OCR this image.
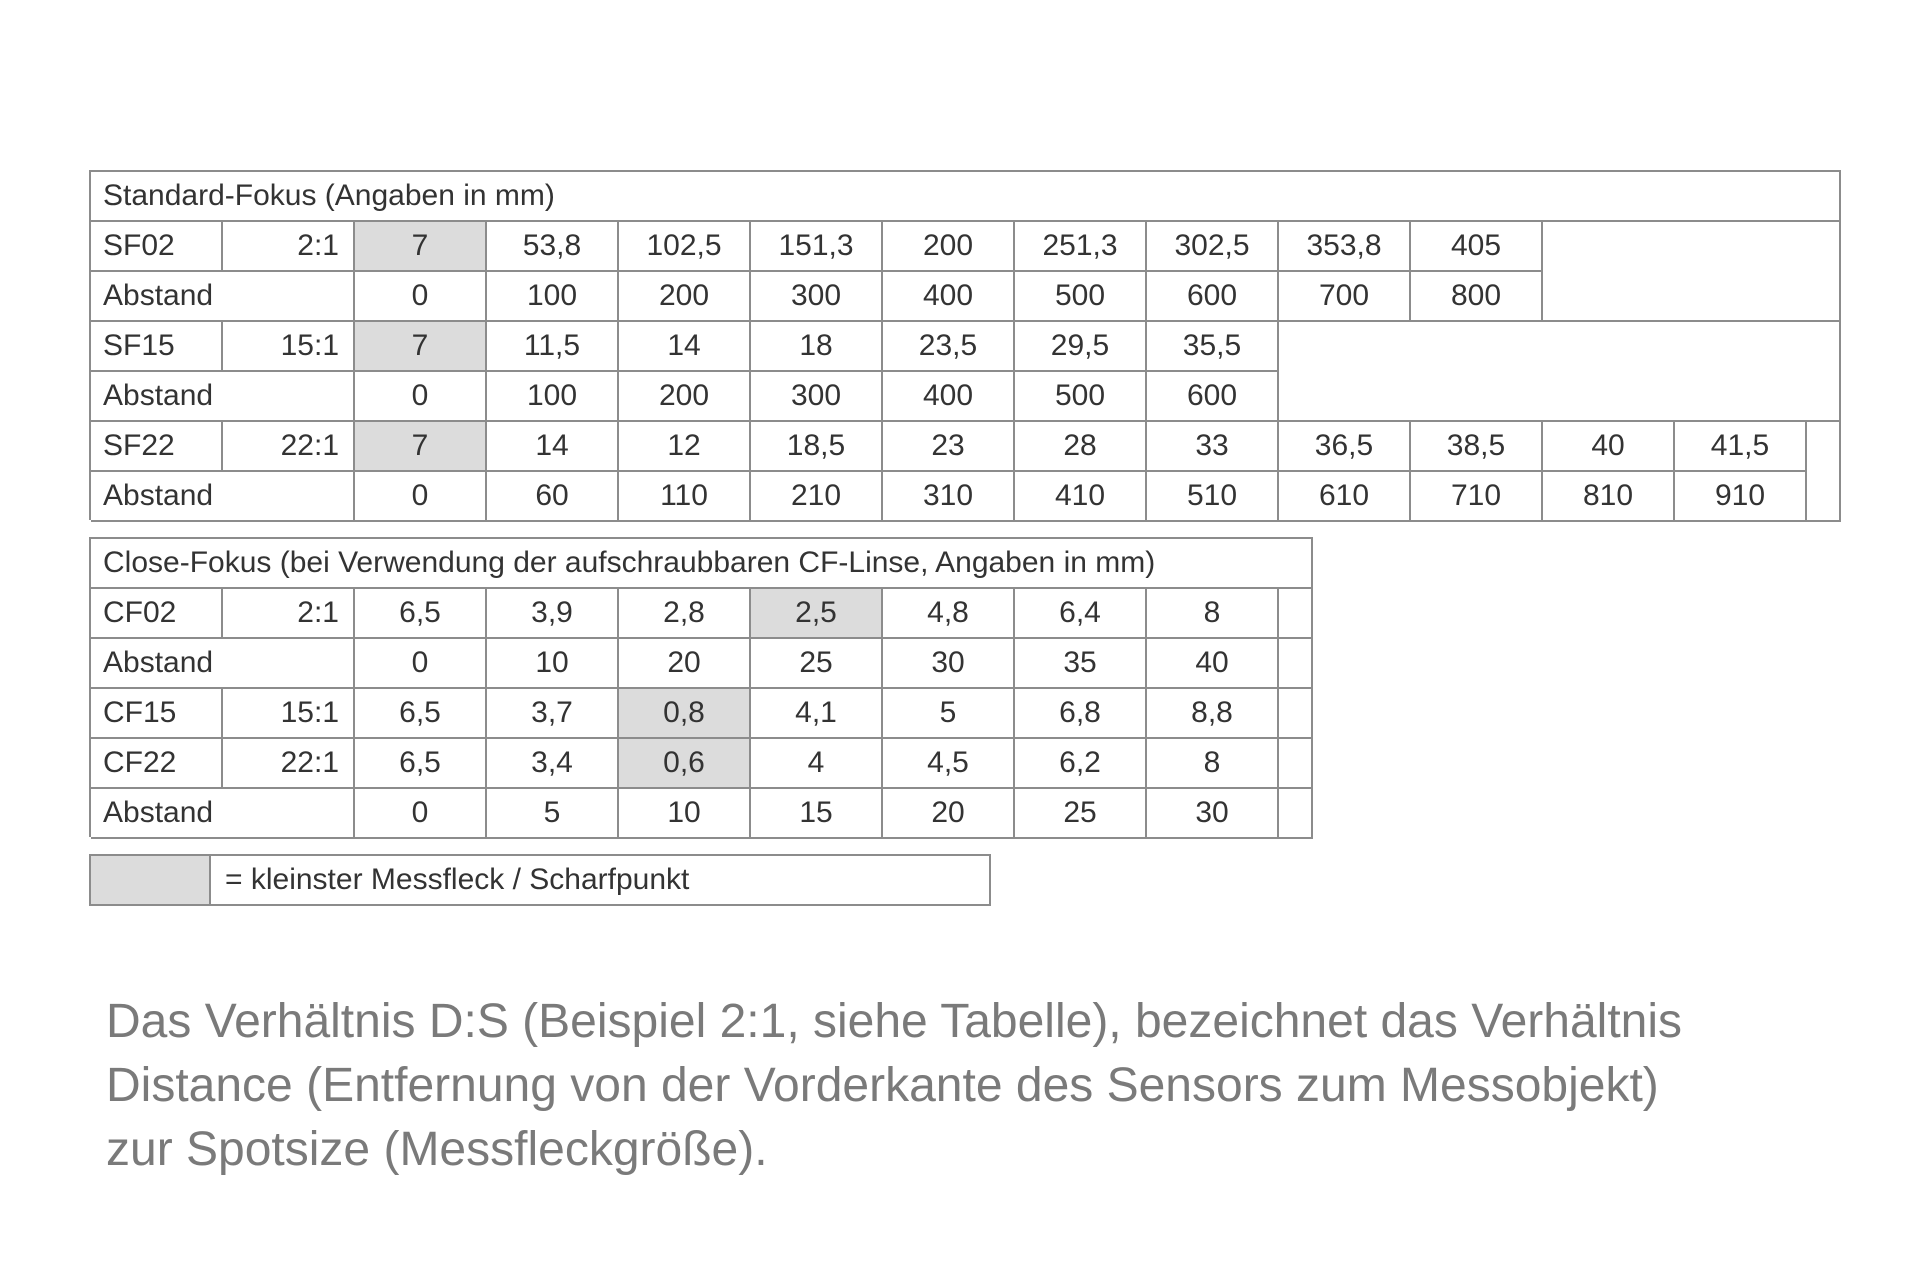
Standard-Fokus (Angaben in mm)
SF02	2:1	7	53,8	102,5	151,3	200	251,3	302,5	353,8	405
Abstand	0	100	200	300	400	500	600	700	800
SF15	15:1	7	11,5	14	18	23,5	29,5	35,5
Abstand	0	100	200	300	400	500	600
SF22	22:1	7	14	12	18,5	23	28	33	36,5	38,5	40	41,5
Abstand	0	60	110	210	310	410	510	610	710	810	910
Close-Fokus (bei Verwendung der aufschraubbaren CF-Linse, Angaben in mm)
CF02	2:1	6,5	3,9	2,8	2,5	4,8	6,4	8
Abstand	0	10	20	25	30	35	40
CF15	15:1	6,5	3,7	0,8	4,1	5	6,8	8,8
CF22	22:1	6,5	3,4	0,6	4	4,5	6,2	8
Abstand	0	5	10	15	20	25	30
= kleinster Messfleck / Scharfpunkt
Das Verhältnis D:S (Beispiel 2:1, siehe Tabelle), bezeichnet das Verhältnis
Distance (Entfernung von der Vorderkante des Sensors zum Messobjekt)
zur Spotsize (Messfleckgröße).
